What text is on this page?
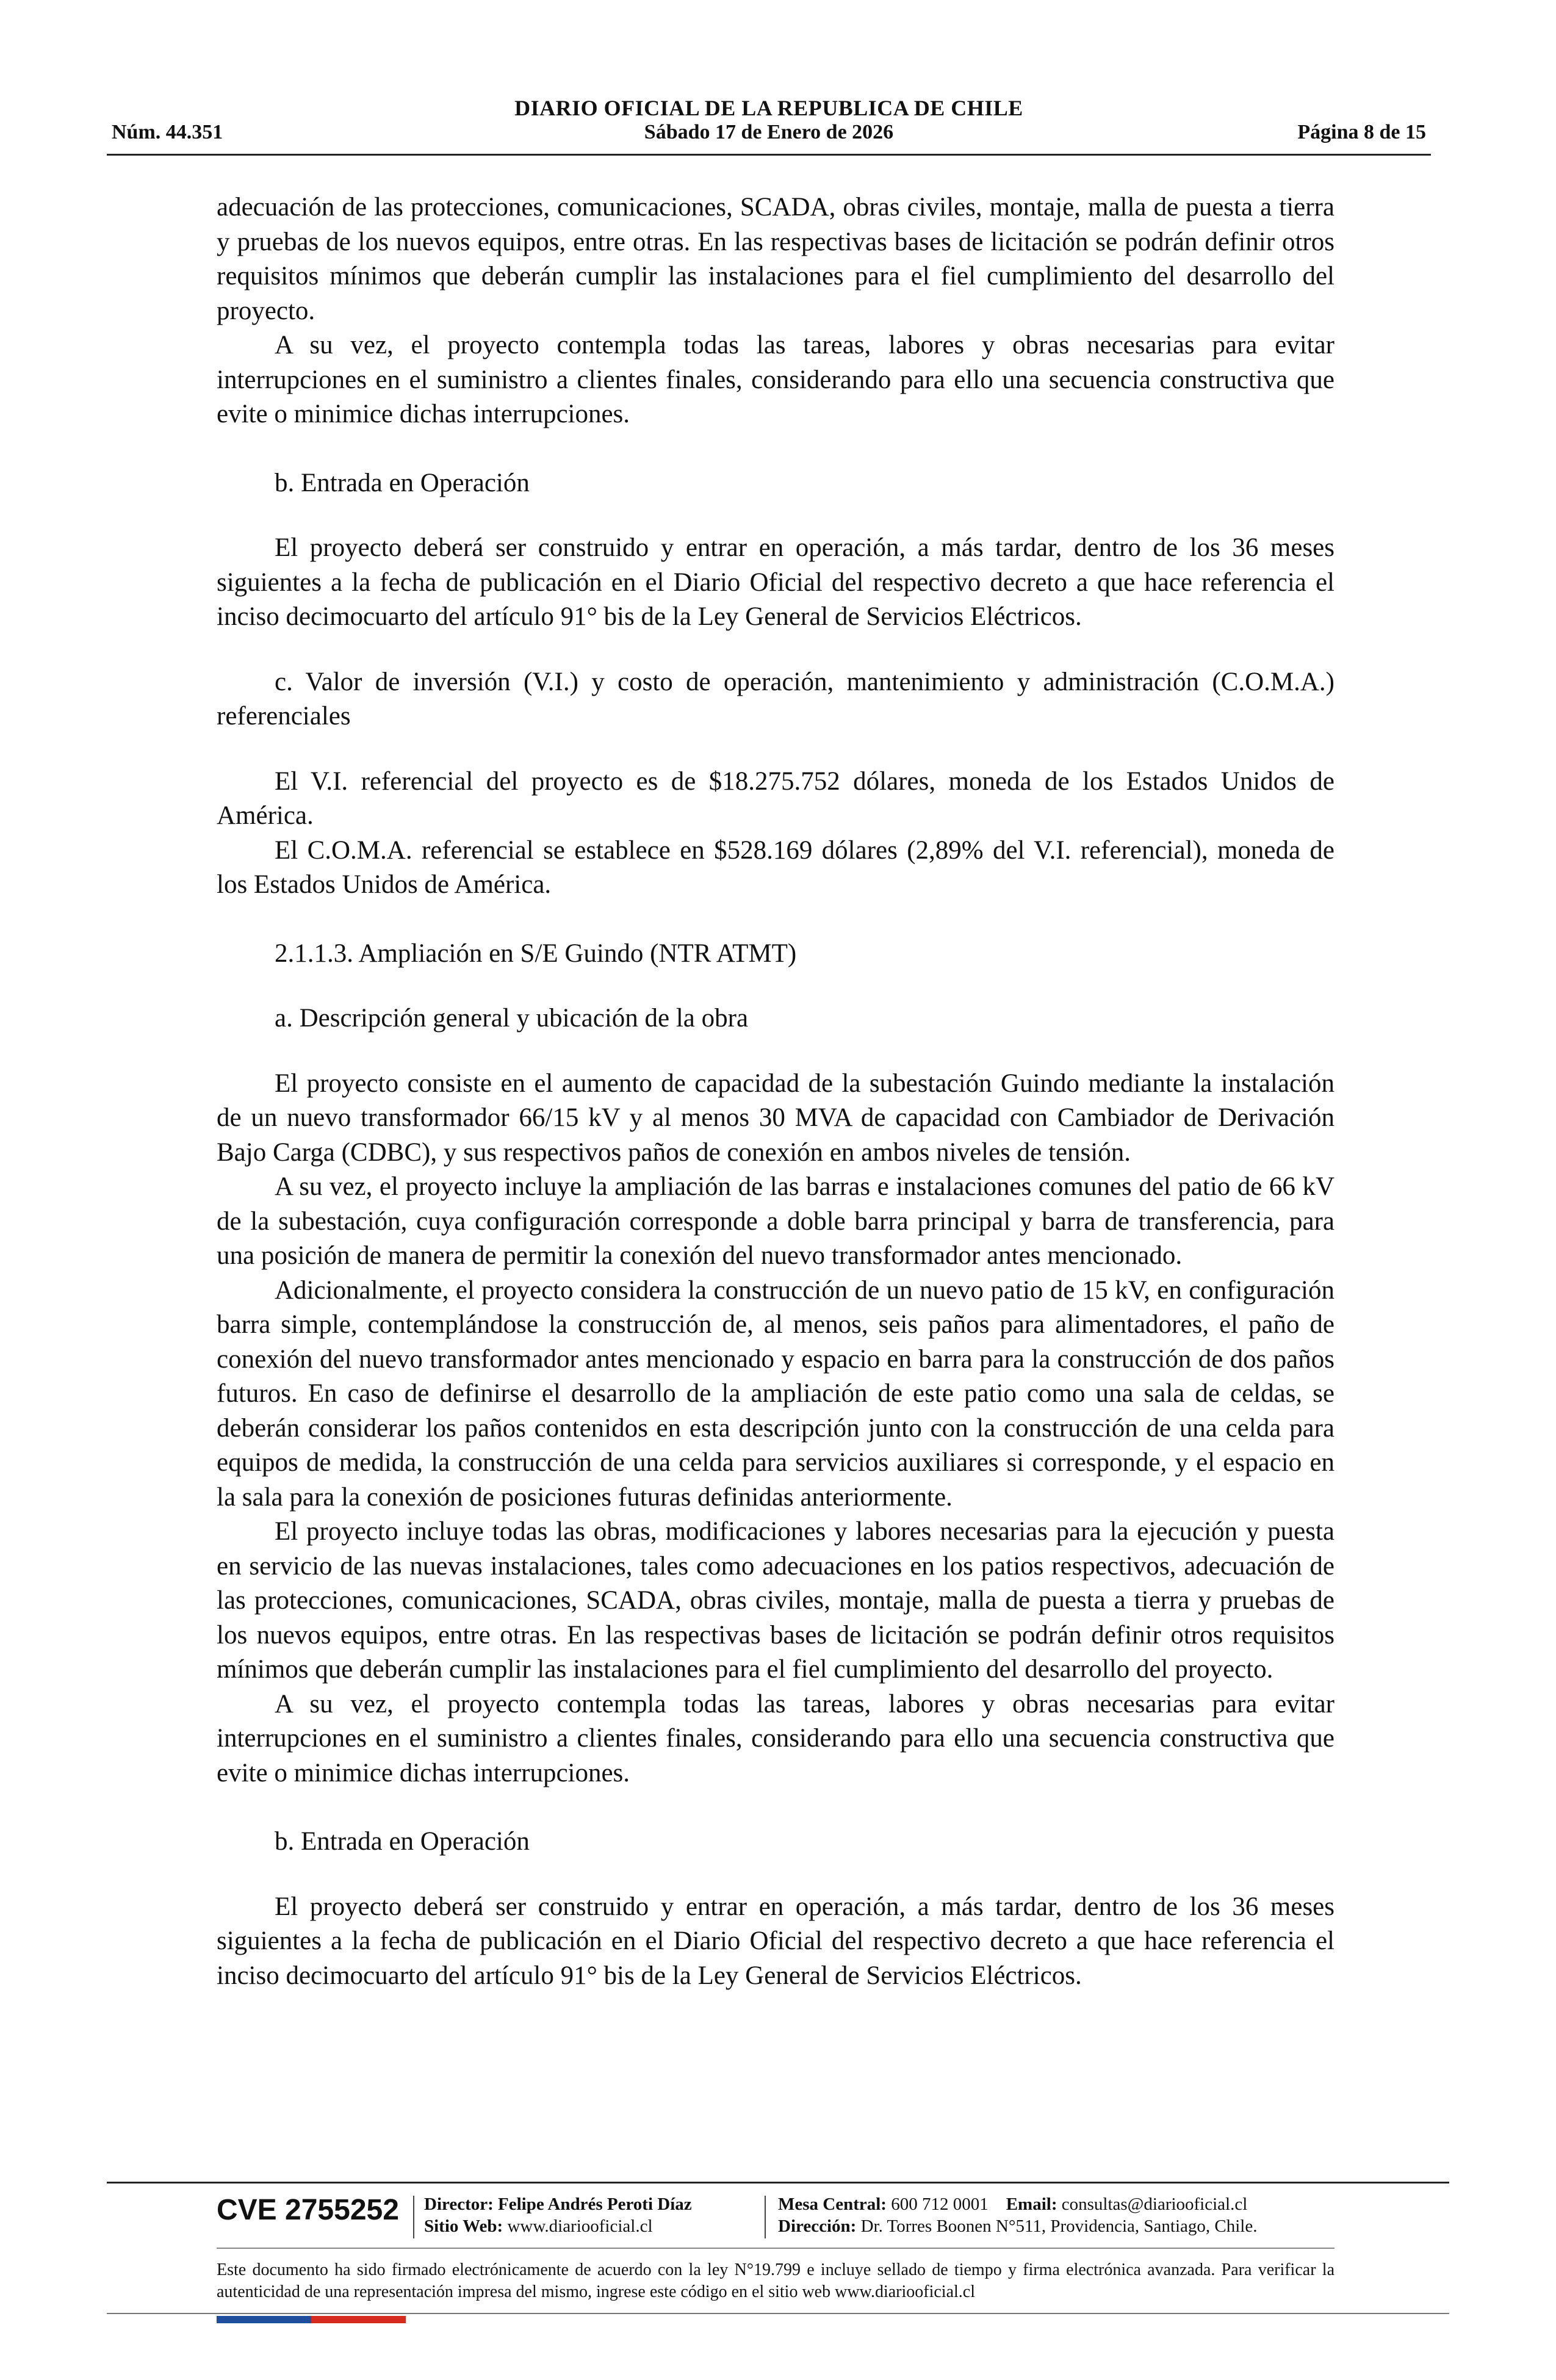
DIARIO OFICIAL DE LA REPUBLICA DE CHILE
Núm. 44.351	Sábado 17 de Enero de 2026	Página 8 de 15

adecuación de las protecciones, comunicaciones, SCADA, obras civiles, montaje, malla de puesta a tierra y pruebas de los nuevos equipos, entre otras. En las respectivas bases de licitación se podrán definir otros requisitos mínimos que deberán cumplir las instalaciones para el fiel cumplimiento del desarrollo del proyecto.

A su vez, el proyecto contempla todas las tareas, labores y obras necesarias para evitar interrupciones en el suministro a clientes finales, considerando para ello una secuencia constructiva que evite o minimice dichas interrupciones.

b. Entrada en Operación

El proyecto deberá ser construido y entrar en operación, a más tardar, dentro de los 36 meses siguientes a la fecha de publicación en el Diario Oficial del respectivo decreto a que hace referencia el inciso decimocuarto del artículo 91° bis de la Ley General de Servicios Eléctricos.

c. Valor de inversión (V.I.) y costo de operación, mantenimiento y administración (C.O.M.A.) referenciales

El V.I. referencial del proyecto es de $18.275.752 dólares, moneda de los Estados Unidos de América.

El C.O.M.A. referencial se establece en $528.169 dólares (2,89% del V.I. referencial), moneda de los Estados Unidos de América.

2.1.1.3. Ampliación en S/E Guindo (NTR ATMT)

a. Descripción general y ubicación de la obra

El proyecto consiste en el aumento de capacidad de la subestación Guindo mediante la instalación de un nuevo transformador 66/15 kV y al menos 30 MVA de capacidad con Cambiador de Derivación Bajo Carga (CDBC), y sus respectivos paños de conexión en ambos niveles de tensión.

A su vez, el proyecto incluye la ampliación de las barras e instalaciones comunes del patio de 66 kV de la subestación, cuya configuración corresponde a doble barra principal y barra de transferencia, para una posición de manera de permitir la conexión del nuevo transformador antes mencionado.

Adicionalmente, el proyecto considera la construcción de un nuevo patio de 15 kV, en configuración barra simple, contemplándose la construcción de, al menos, seis paños para alimentadores, el paño de conexión del nuevo transformador antes mencionado y espacio en barra para la construcción de dos paños futuros. En caso de definirse el desarrollo de la ampliación de este patio como una sala de celdas, se deberán considerar los paños contenidos en esta descripción junto con la construcción de una celda para equipos de medida, la construcción de una celda para servicios auxiliares si corresponde, y el espacio en la sala para la conexión de posiciones futuras definidas anteriormente.

El proyecto incluye todas las obras, modificaciones y labores necesarias para la ejecución y puesta en servicio de las nuevas instalaciones, tales como adecuaciones en los patios respectivos, adecuación de las protecciones, comunicaciones, SCADA, obras civiles, montaje, malla de puesta a tierra y pruebas de los nuevos equipos, entre otras. En las respectivas bases de licitación se podrán definir otros requisitos mínimos que deberán cumplir las instalaciones para el fiel cumplimiento del desarrollo del proyecto.

A su vez, el proyecto contempla todas las tareas, labores y obras necesarias para evitar interrupciones en el suministro a clientes finales, considerando para ello una secuencia constructiva que evite o minimice dichas interrupciones.

b. Entrada en Operación

El proyecto deberá ser construido y entrar en operación, a más tardar, dentro de los 36 meses siguientes a la fecha de publicación en el Diario Oficial del respectivo decreto a que hace referencia el inciso decimocuarto del artículo 91° bis de la Ley General de Servicios Eléctricos.

CVE 2755252 Director: Felipe Andrés Peroti Díaz
Sitio Web: www.diariooficial.cl
Mesa Central: 600 712 0001 Email: consultas@diariooficial.cl
Dirección: Dr. Torres Boonen N°511, Providencia, Santiago, Chile.
Este documento ha sido firmado electrónicamente de acuerdo con la ley N°19.799 e incluye sellado de tiempo y firma electrónica avanzada. Para verificar la autenticidad de una representación impresa del mismo, ingrese este código en el sitio web www.diariooficial.cl
